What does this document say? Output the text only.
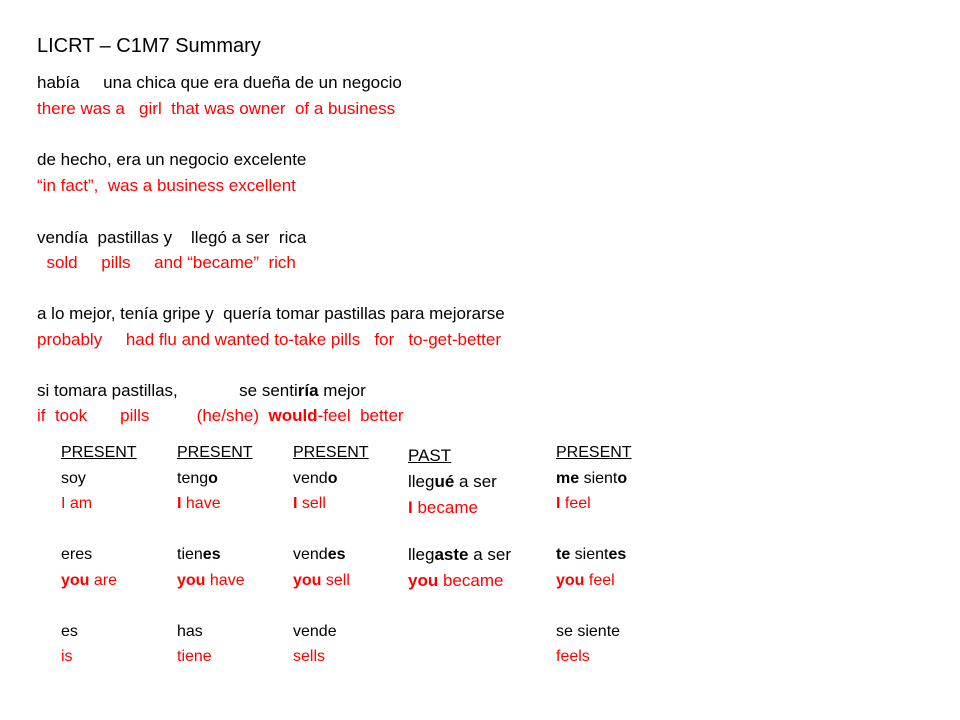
LICRT – C1M7 Summary
había     una chica que era dueña de un negocio
there was a   girl  that was owner  of a business
de hecho, era un negocio excelente
“in fact”,  was a business excellent
vendía  pastillas y    llegó a ser  rica
sold     pills     and “became”  rich
a lo mejor, tenía gripe y  quería tomar pastillas para mejorarse
probably     had flu and wanted to-take pills   for   to-get-better
si tomara pastillas,             se sentiría mejor
if  took       pills          (he/she)  would-feel  better
PRESENT
soy
I am
eres
you are
es
is
PRESENT
tengo
I have
tienes
you have
has
tiene
PRESENT
vendo
I sell
vendes
you sell
vende
sells
PAST
llegué a ser
I became
llegaste a ser
you became
PRESENT
me siento
I feel
te sientes
you feel
se siente
feels
